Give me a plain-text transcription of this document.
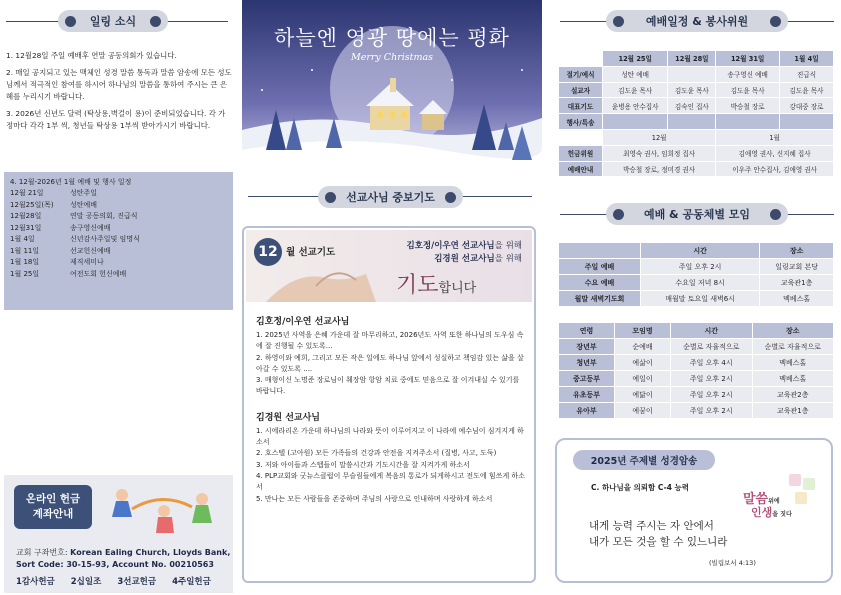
일링 소식

1. 12월28일 주일 예배후 연말 공동의회가 있습니다.

2. 매일 공지되고 있는 맥체인 성경 말씀 통독과 말씀 암송에 모든 성도님께서 적극적인 참여를 하시어 하나님의 말씀을 통하여 주시는 큰 은혜를 누리시기 바랍니다.

3. 2026년 신년도 달력 (탁상용,벽걸이 용)이 준비되었습니다. 각 가정마다 각각 1부 씩, 청년들 탁상용 1부씩 받아가시기 바랍니다.

4. 12월-2026년 1월 예배 및 행사 일정
12월 21일	성탄주일
12월25일(목)	성탄예배
12월28일	연말 공동의회, 진급식
12월31일	송구영신예배
1월 4일	신년감사주일및 임명식
1월 11일	선교헌신예배
1월 18일	제직세미나
1월 25일	여전도회 헌신예배
온라인 헌금
계좌안내
교회 구좌번호: Korean Ealing Church, Lloyds Bank,
Sort Code: 30-15-93, Account No. 00210563
1감사헌금 2십일조 3선교헌금 4주일헌금
하늘엔 영광 땅에는 평화
Merry Christmas
선교사님 중보기도
12 월 선교기도
김호정/이우연 선교사님을 위해
김경원 선교사님을 위해
기도합니다
김호정/이우연 선교사님

1. 2025년 사역을 은혜 가운데 잘 마무리하고, 2026년도 사역 또한 하나님의 도우심 속에 잘 진행될 수 있도록...

2. 하영이와 예희, 그리고 모든 작은 일에도 하나님 앞에서 성실하고 책임감 있는 삶을 살아갈 수 있도록 ....

3. 매형이신 노명준 장로님이 췌장암 항암 치료 중에도 믿음으로 잘 이겨내실 수 있기를 바랍니다.

김경원 선교사님

1. 시에라리온 가운데 하나님의 나라와 뜻이 이루어지고 이 나라에 예수님이 심겨지게 하소서

2. 호스텔 (고아원) 모든 가족들의 건강과 안전을 지켜주소서 (질병, 사고, 도둑)

3. 저와 아이들과 스텝들이 말씀시간과 기도시간을 잘 지켜가게 하소서

4. PLP교회와 굿뉴스클럽이 무슬림들에게 복음의 통로가 되게하시고 전도에 힘쓰게 하소서

5. 만나는 모든 사람들을 존중하며 주님의 사랑으로 인내하며 사랑하게 하소서

예배일정 & 봉사위원
	12월 25일	12월 28일	12월 31일	1월 4일
절기/예식	성탄 예배		송구영신 예배	진급식
설교자	김도윤 목사	김도윤 목사	김도윤 목사	김도윤 목사
대표기도	윤병용 안수집사	김숙인 집사	박승철 장로	강대중 장로
행사/특송				
	12월		1월	
헌금위원	최영숙 권사, 임희정 집사		김애영 권사, 신지혜 집사	
예배안내	박승철 장로, 정미경 권사		이우주 안수집사, 김애영 권사	
예배 & 공동체별 모임
	시간	장소
주일 예배	주일 오후 2시	일링교회 본당
수요 예배	수요일 저녁 8시	교육관1층
월말 새벽기도회	매월말 토요일 새벽6시	멕베스홀
연령	모임명	시간	장소
장년부	순예배	순별로 자율적으로	순별로 자율적으로
청년부	예삶이	주일 오후 4시	멕베스홀
중고등부	예일이	주일 오후 2시	멕베스홀
유초등부	예닮이	주일 오후 2시	교육관2층
유아부	예꿈이	주일 오후 2시	교육관1층
2025년 주제별 성경암송
C. 하나님을 의뢰함 C-4 능력
말씀위에
인생을 짓다
내게 능력 주시는 자 안에서
내가 모든 것을 할 수 있느니라
(빌립보서 4:13)
